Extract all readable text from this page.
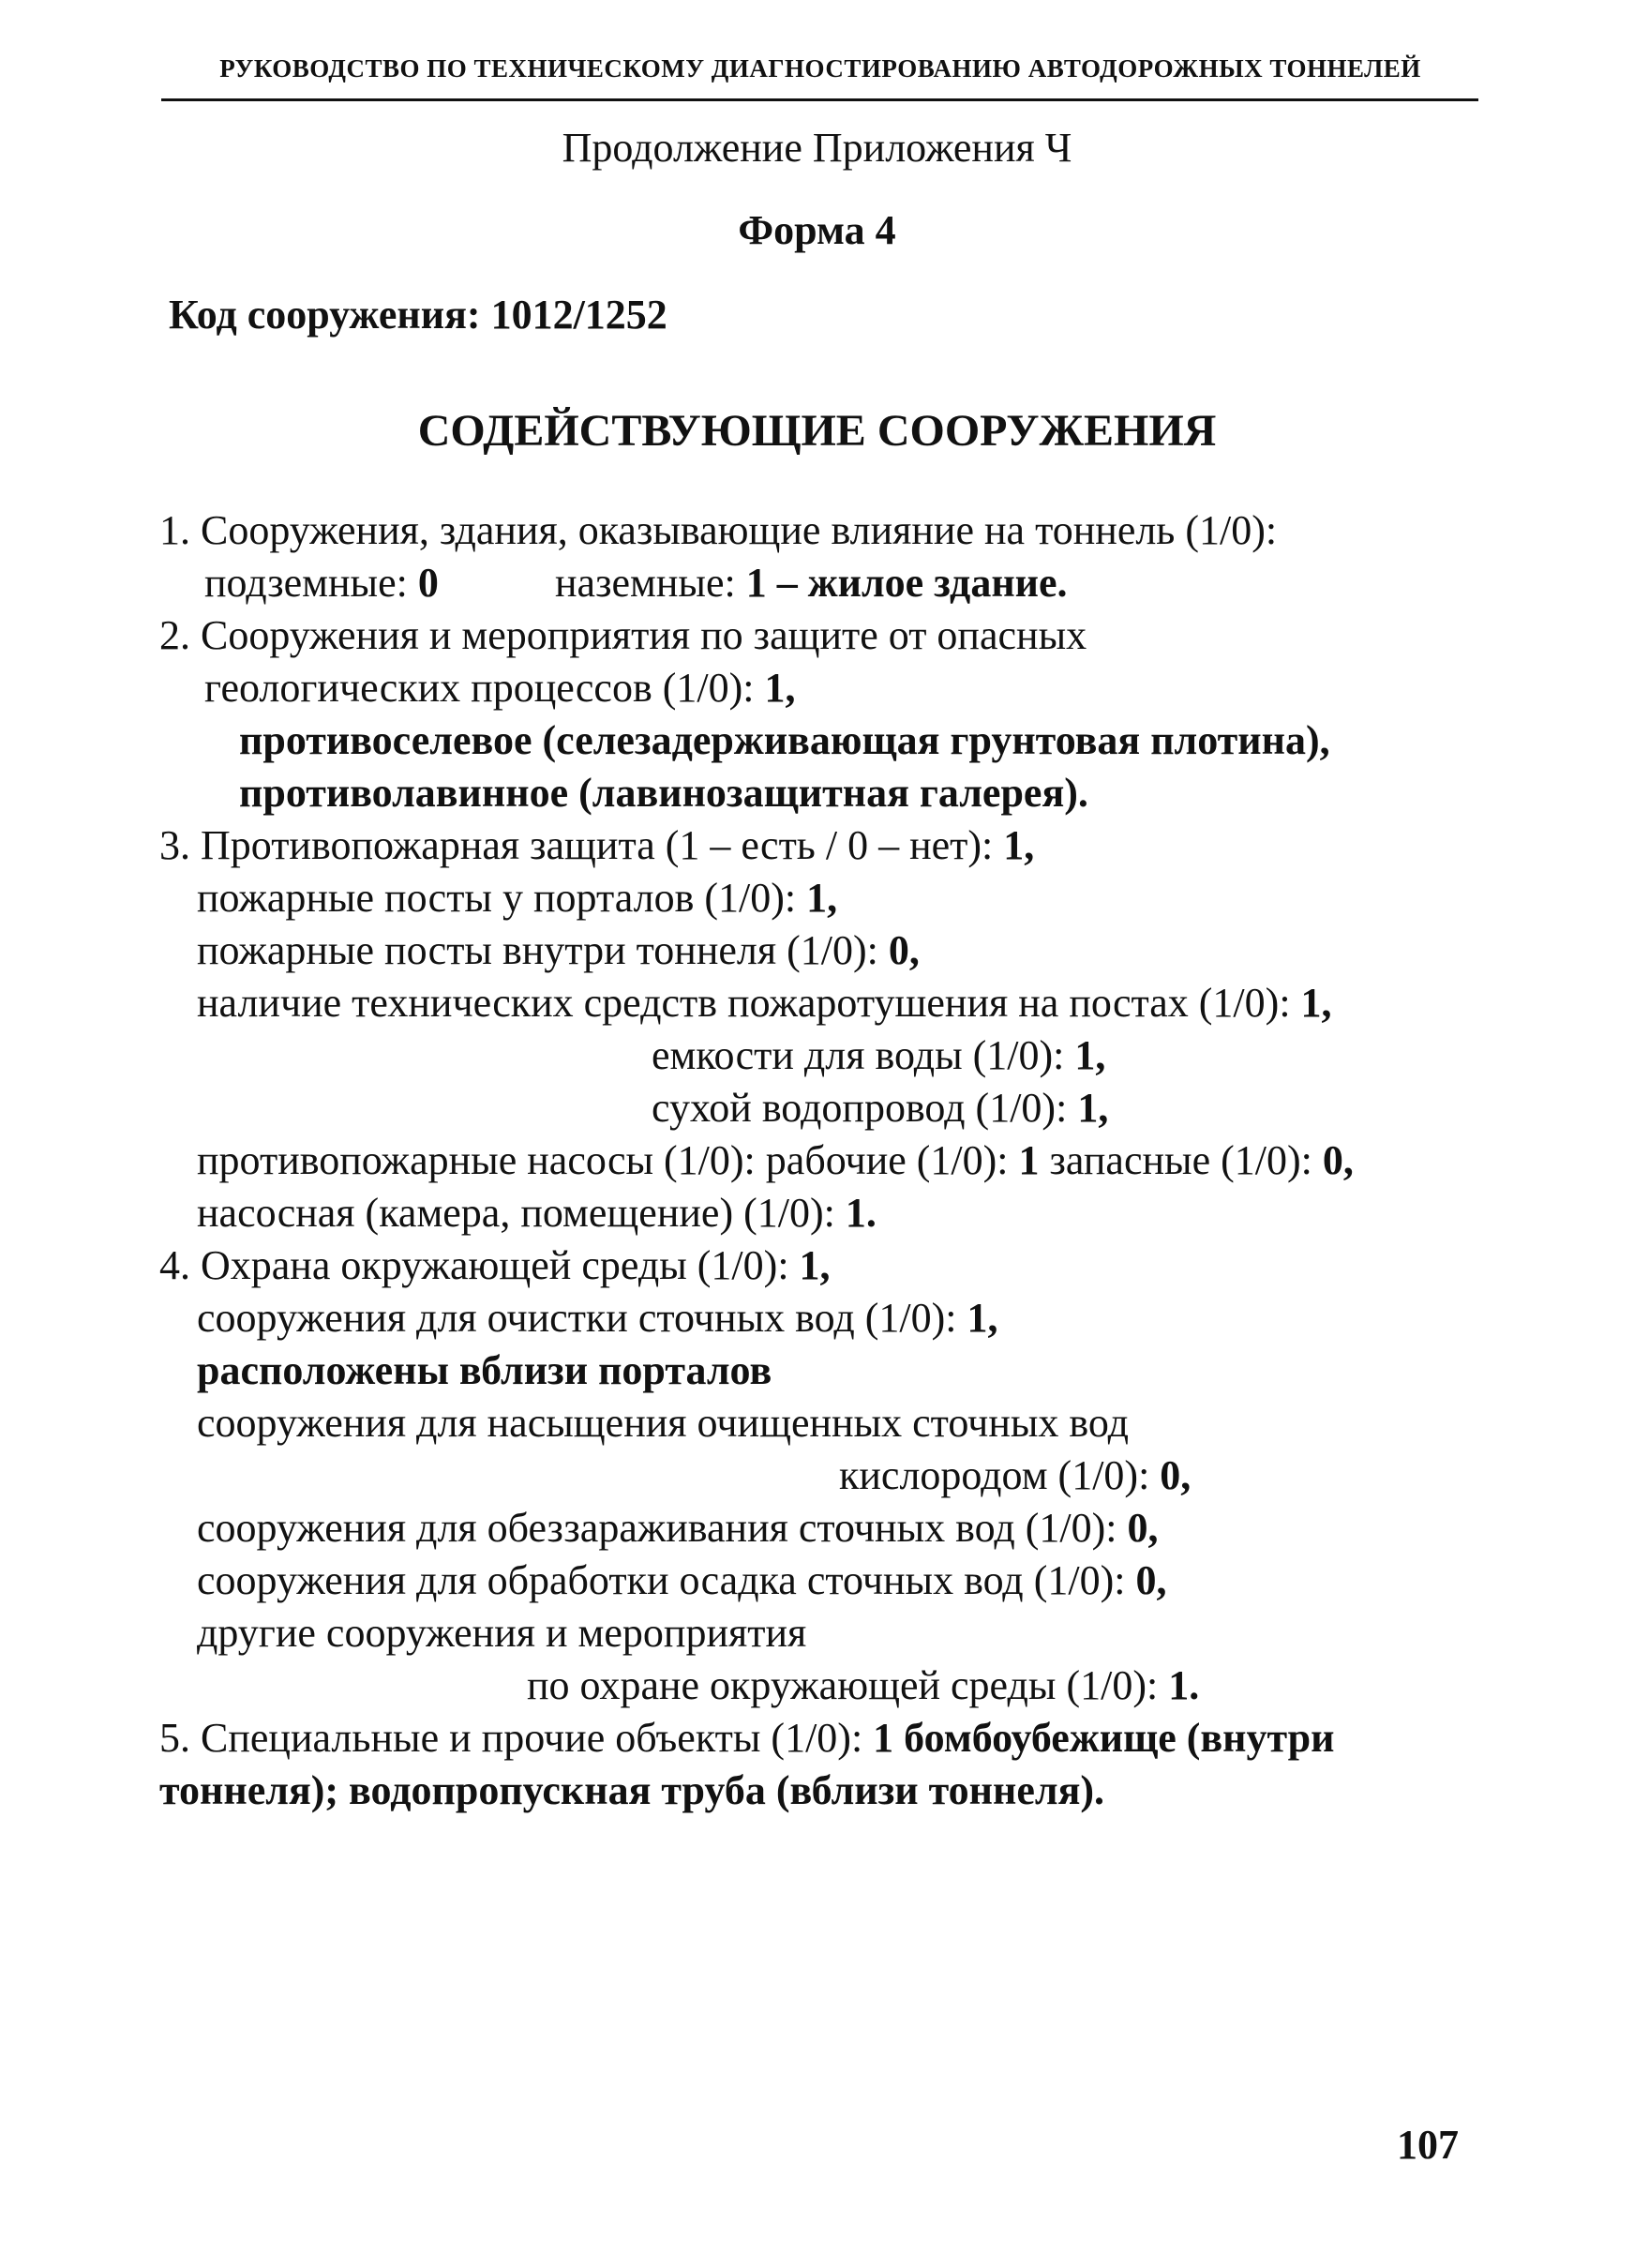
РУКОВОДСТВО ПО ТЕХНИЧЕСКОМУ ДИАГНОСТИРОВАНИЮ АВТОДОРОЖНЫХ ТОННЕЛЕЙ
Продолжение Приложения Ч
Форма 4
Код сооружения: 1012/1252
СОДЕЙСТВУЮЩИЕ СООРУЖЕНИЯ
1. Сооружения, здания, оказывающие влияние на тоннель (1/0):
подземные: 0	наземные: 1 – жилое здание.
2. Сооружения и мероприятия по защите от опасных
геологических процессов (1/0): 1,
противоселевое (селезадерживающая грунтовая плотина),
противолавинное (лавинозащитная галерея).
3. Противопожарная защита (1 – есть / 0 – нет): 1,
пожарные посты у порталов (1/0): 1,
пожарные посты внутри тоннеля (1/0): 0,
наличие технических средств пожаротушения на постах (1/0): 1,
емкости для воды (1/0): 1,
сухой водопровод (1/0): 1,
противопожарные насосы (1/0): рабочие (1/0): 1 запасные (1/0): 0,
насосная (камера, помещение) (1/0): 1.
4. Охрана окружающей среды (1/0): 1,
сооружения для очистки сточных вод (1/0): 1,
расположены вблизи порталов
сооружения для насыщения очищенных сточных вод
кислородом (1/0): 0,
сооружения для обеззараживания сточных вод (1/0): 0,
сооружения для обработки осадка сточных вод (1/0): 0,
другие сооружения и мероприятия
по охране окружающей среды (1/0): 1.
5. Специальные и прочие объекты (1/0): 1 бомбоубежище (внутри
тоннеля); водопропускная труба (вблизи тоннеля).
107
